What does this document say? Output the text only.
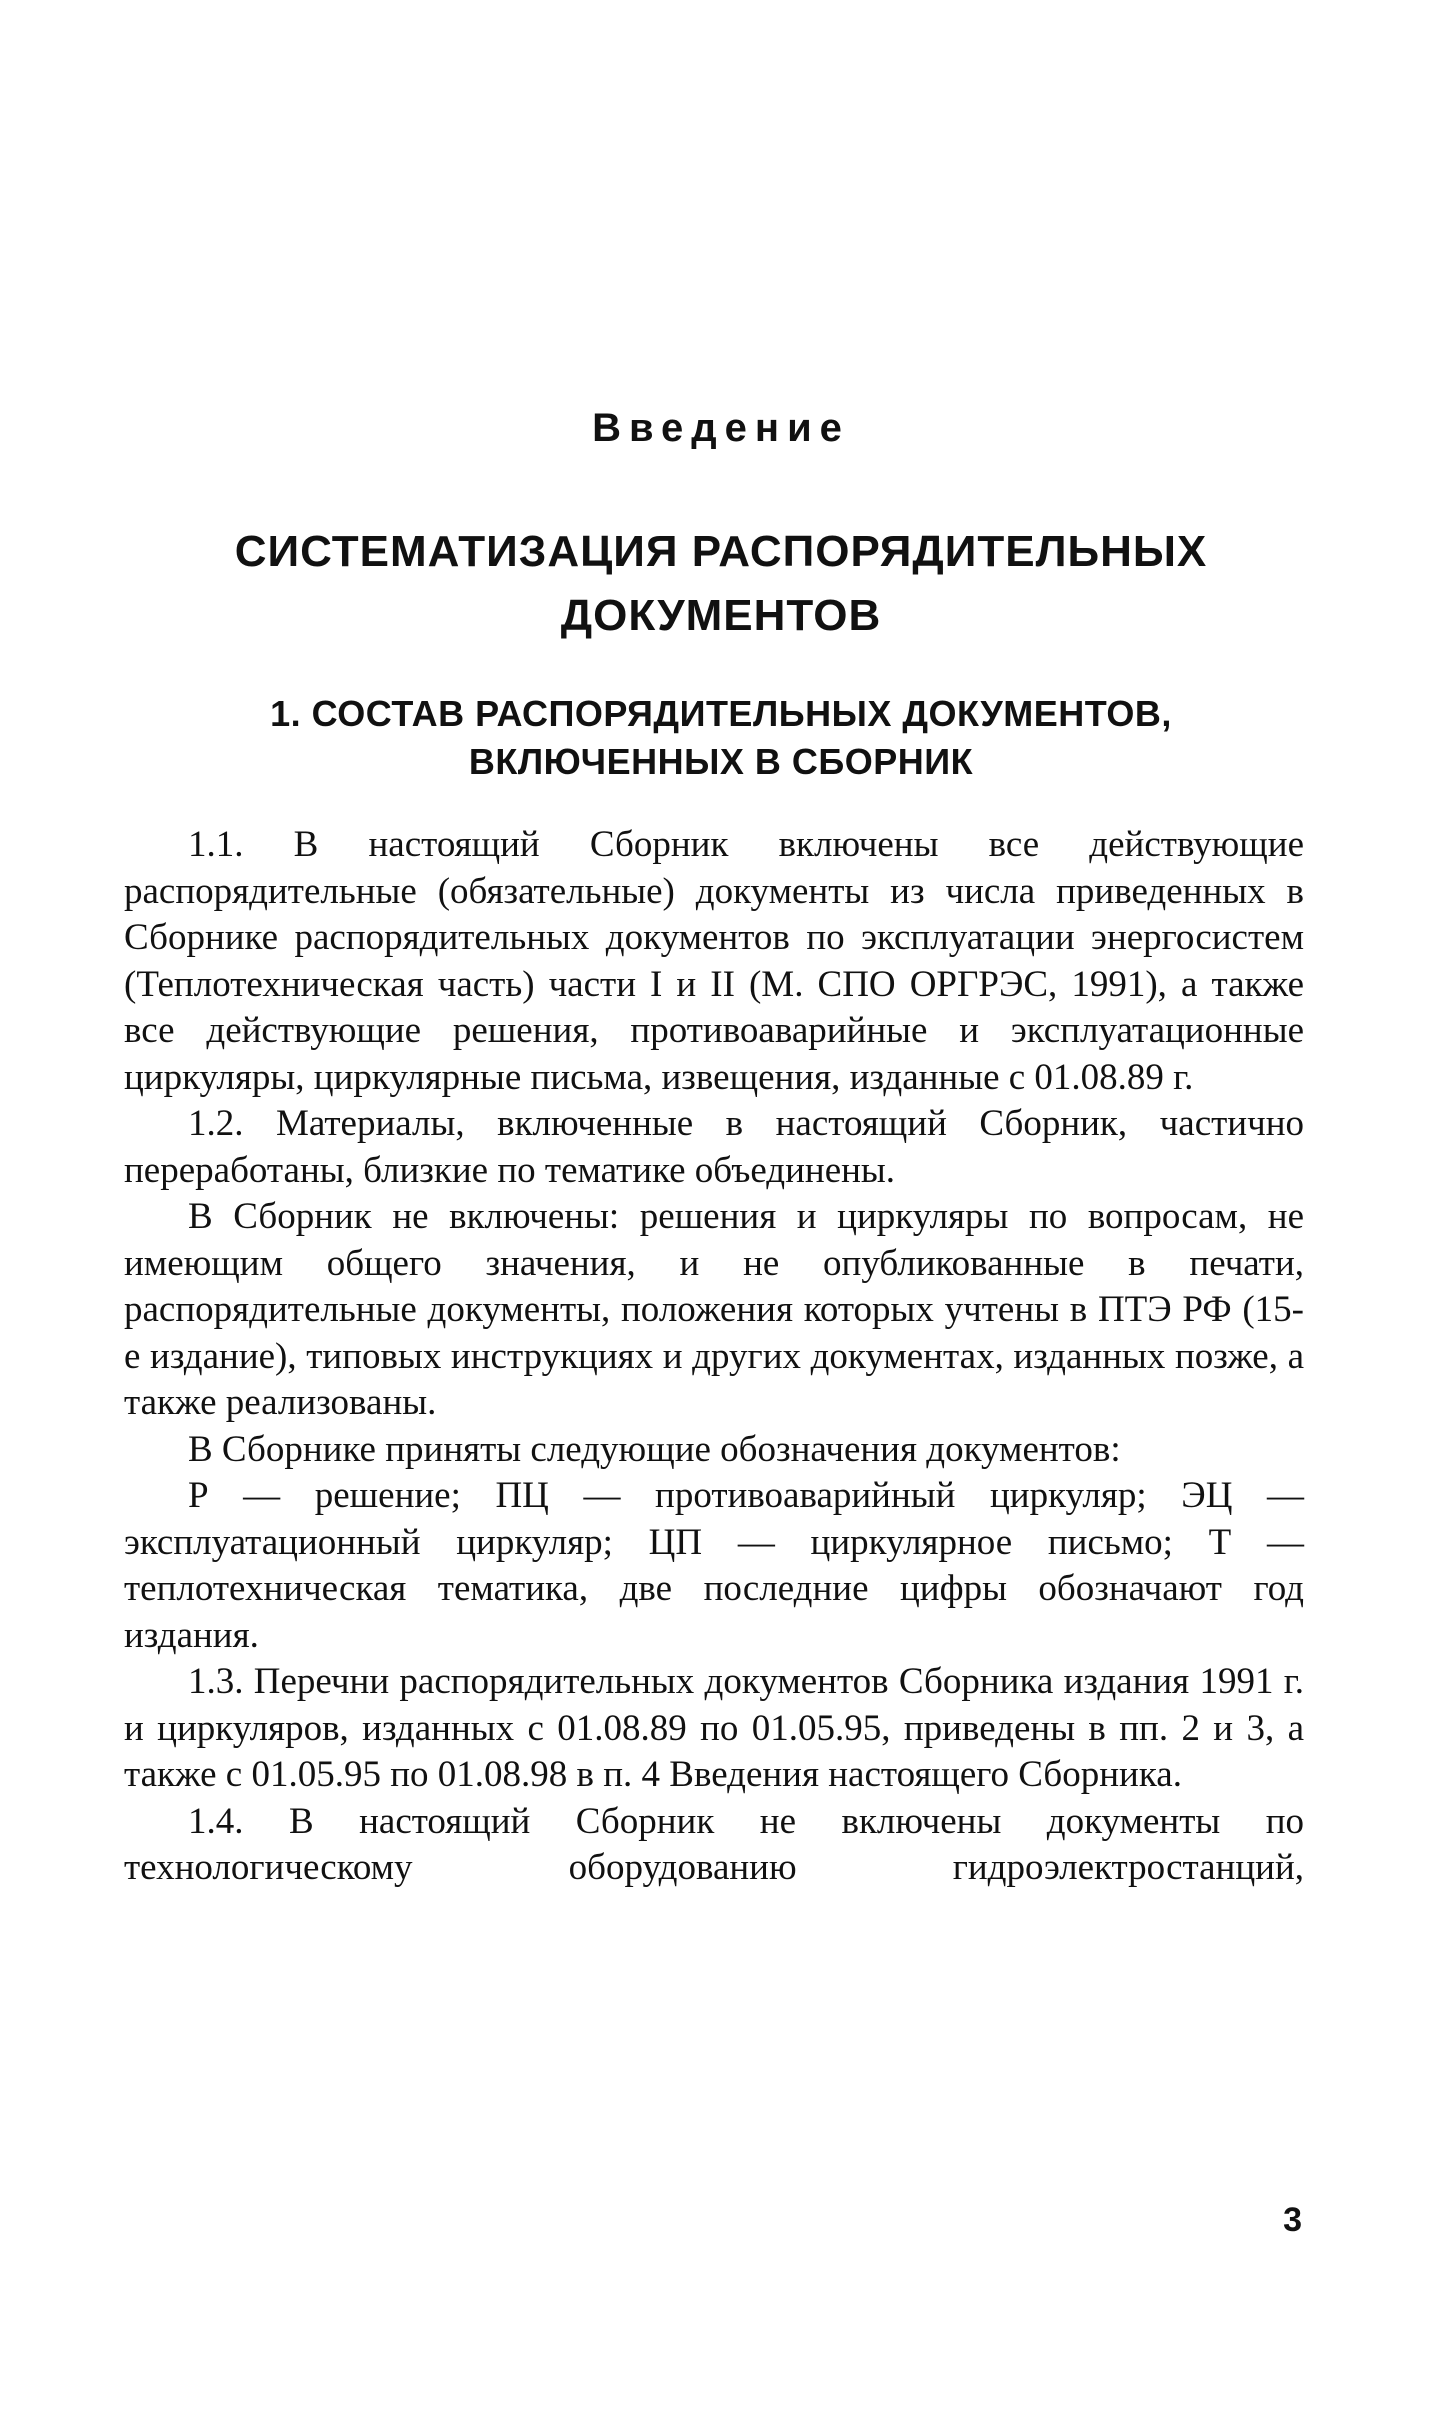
Введение
СИСТЕМАТИЗАЦИЯ РАСПОРЯДИТЕЛЬНЫХ ДОКУМЕНТОВ
1. СОСТАВ РАСПОРЯДИТЕЛЬНЫХ ДОКУМЕНТОВ, ВКЛЮЧЕННЫХ В СБОРНИК

1.1. В настоящий Сборник включены все действующие распорядительные (обязательные) документы из числа приведенных в Сборнике распорядительных документов по эксплуатации энергосистем (Теплотехническая часть) части I и II (М. СПО ОРГРЭС, 1991), а также все действующие решения, противоаварийные и эксплуатационные циркуляры, циркулярные письма, извещения, изданные с 01.08.89 г.

1.2. Материалы, включенные в настоящий Сборник, частично переработаны, близкие по тематике объединены.

В Сборник не включены: решения и циркуляры по вопросам, не имеющим общего значения, и не опубликованные в печати, распорядительные документы, положения которых учтены в ПТЭ РФ (15-е издание), типовых инструкциях и других документах, изданных позже, а также реализованы.

В Сборнике приняты следующие обозначения документов:

Р — решение; ПЦ — противоаварийный циркуляр; ЭЦ — эксплуатационный циркуляр; ЦП — циркулярное письмо; Т — теплотехническая тематика, две последние цифры обозначают год издания.

1.3. Перечни распорядительных документов Сборника издания 1991 г. и циркуляров, изданных с 01.08.89 по 01.05.95, приведены в пп. 2 и 3, а также с 01.05.95 по 01.08.98 в п. 4 Введения настоящего Сборника.

1.4. В настоящий Сборник не включены документы по технологическому оборудованию гидроэлектростанций,

3
